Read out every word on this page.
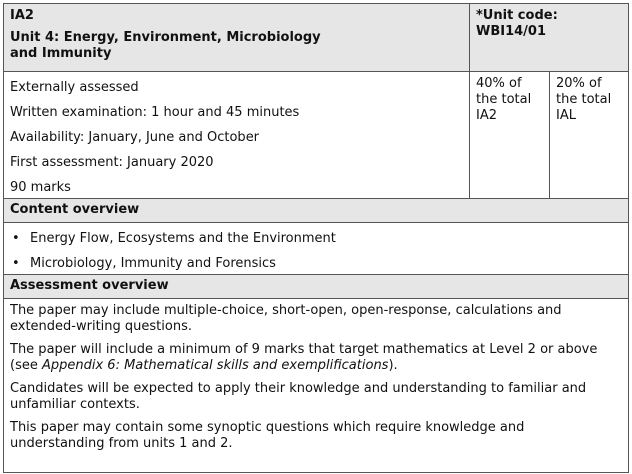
IA2

Unit 4: Energy, Environment, Microbiology

and Immunity

*Unit code:

WBI14/01

Externally assessed

Written examination: 1 hour and 45 minutes

Availability: January, June and October

First assessment: January 2020

90 marks

40% of

the total

IA2

20% of

the total

IAL

Content overview

• Energy Flow, Ecosystems and the Environment
• Microbiology, Immunity and Forensics

Assessment overview

The paper may include multiple-choice, short-open, open-response, calculations and
extended-writing questions.

The paper will include a minimum of 9 marks that target mathematics at Level 2 or above
(see Appendix 6: Mathematical skills and exemplifications).

Candidates will be expected to apply their knowledge and understanding to familiar and
unfamiliar contexts.

This paper may contain some synoptic questions which require knowledge and
understanding from units 1 and 2.
